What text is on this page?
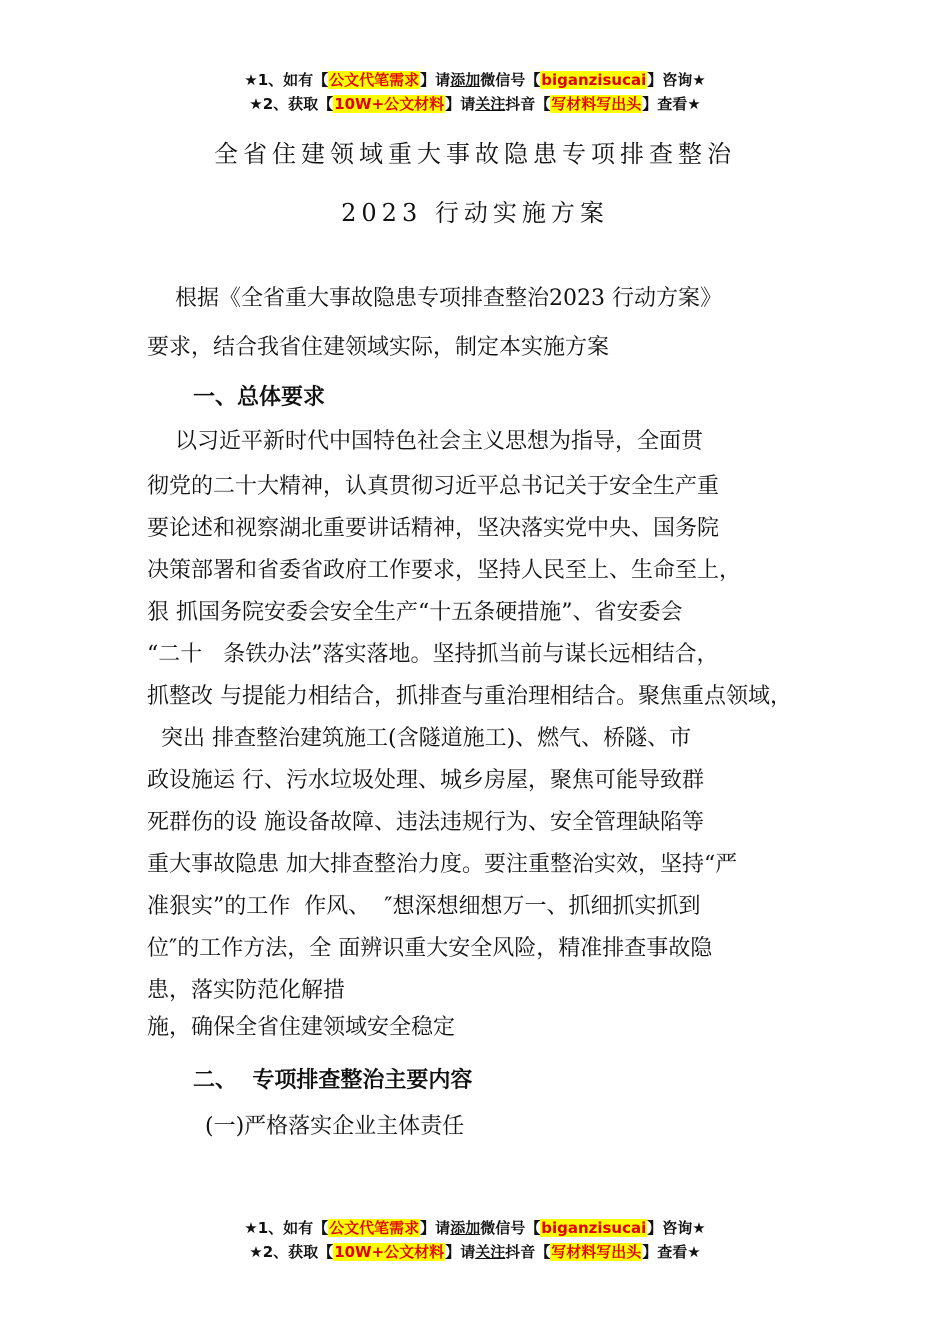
★1、如有【公文代笔需求】请添加微信号【biganzisucai】咨询★
★2、获取【10W+公文材料】请关注抖音【写材料写出头】查看★
全省住建领域重大事故隐患专项排查整治
2023 行动实施方案
根据《全省重大事故隐患专项排查整治2023 行动方案》
要求，结合我省住建领域实际，制定本实施方案
一、总体要求
以习近平新时代中国特色社会主义思想为指导，全面贯
彻党的二十大精神，认真贯彻习近平总书记关于安全生产重
要论述和视察湖北重要讲话精神，坚决落实党中央、国务院
决策部署和省委省政府工作要求，坚持人民至上、生命至上，
狠 抓国务院安委会安全生产“十五条硬措施”、省安委会
“二十   条铁办法”落实落地。坚持抓当前与谋长远相结合，
抓整改 与提能力相结合，抓排查与重治理相结合。聚焦重点领域，
突出 排查整治建筑施工(含隧道施工)、燃气、桥隧、市
政设施运 行、污水垃圾处理、城乡房屋，聚焦可能导致群
死群伤的设 施设备故障、违法违规行为、安全管理缺陷等
重大事故隐患 加大排查整治力度。要注重整治实效，坚持“严
准狠实”的工作  作风、  ″想深想细想万一、抓细抓实抓到
位″的工作方法，全 面辨识重大安全风险，精准排查事故隐
患，落实防范化解措
施，确保全省住建领域安全稳定
二、  专项排查整治主要内容
(一)严格落实企业主体责任
★1、如有【公文代笔需求】请添加微信号【biganzisucai】咨询★
★2、获取【10W+公文材料】请关注抖音【写材料写出头】查看★
